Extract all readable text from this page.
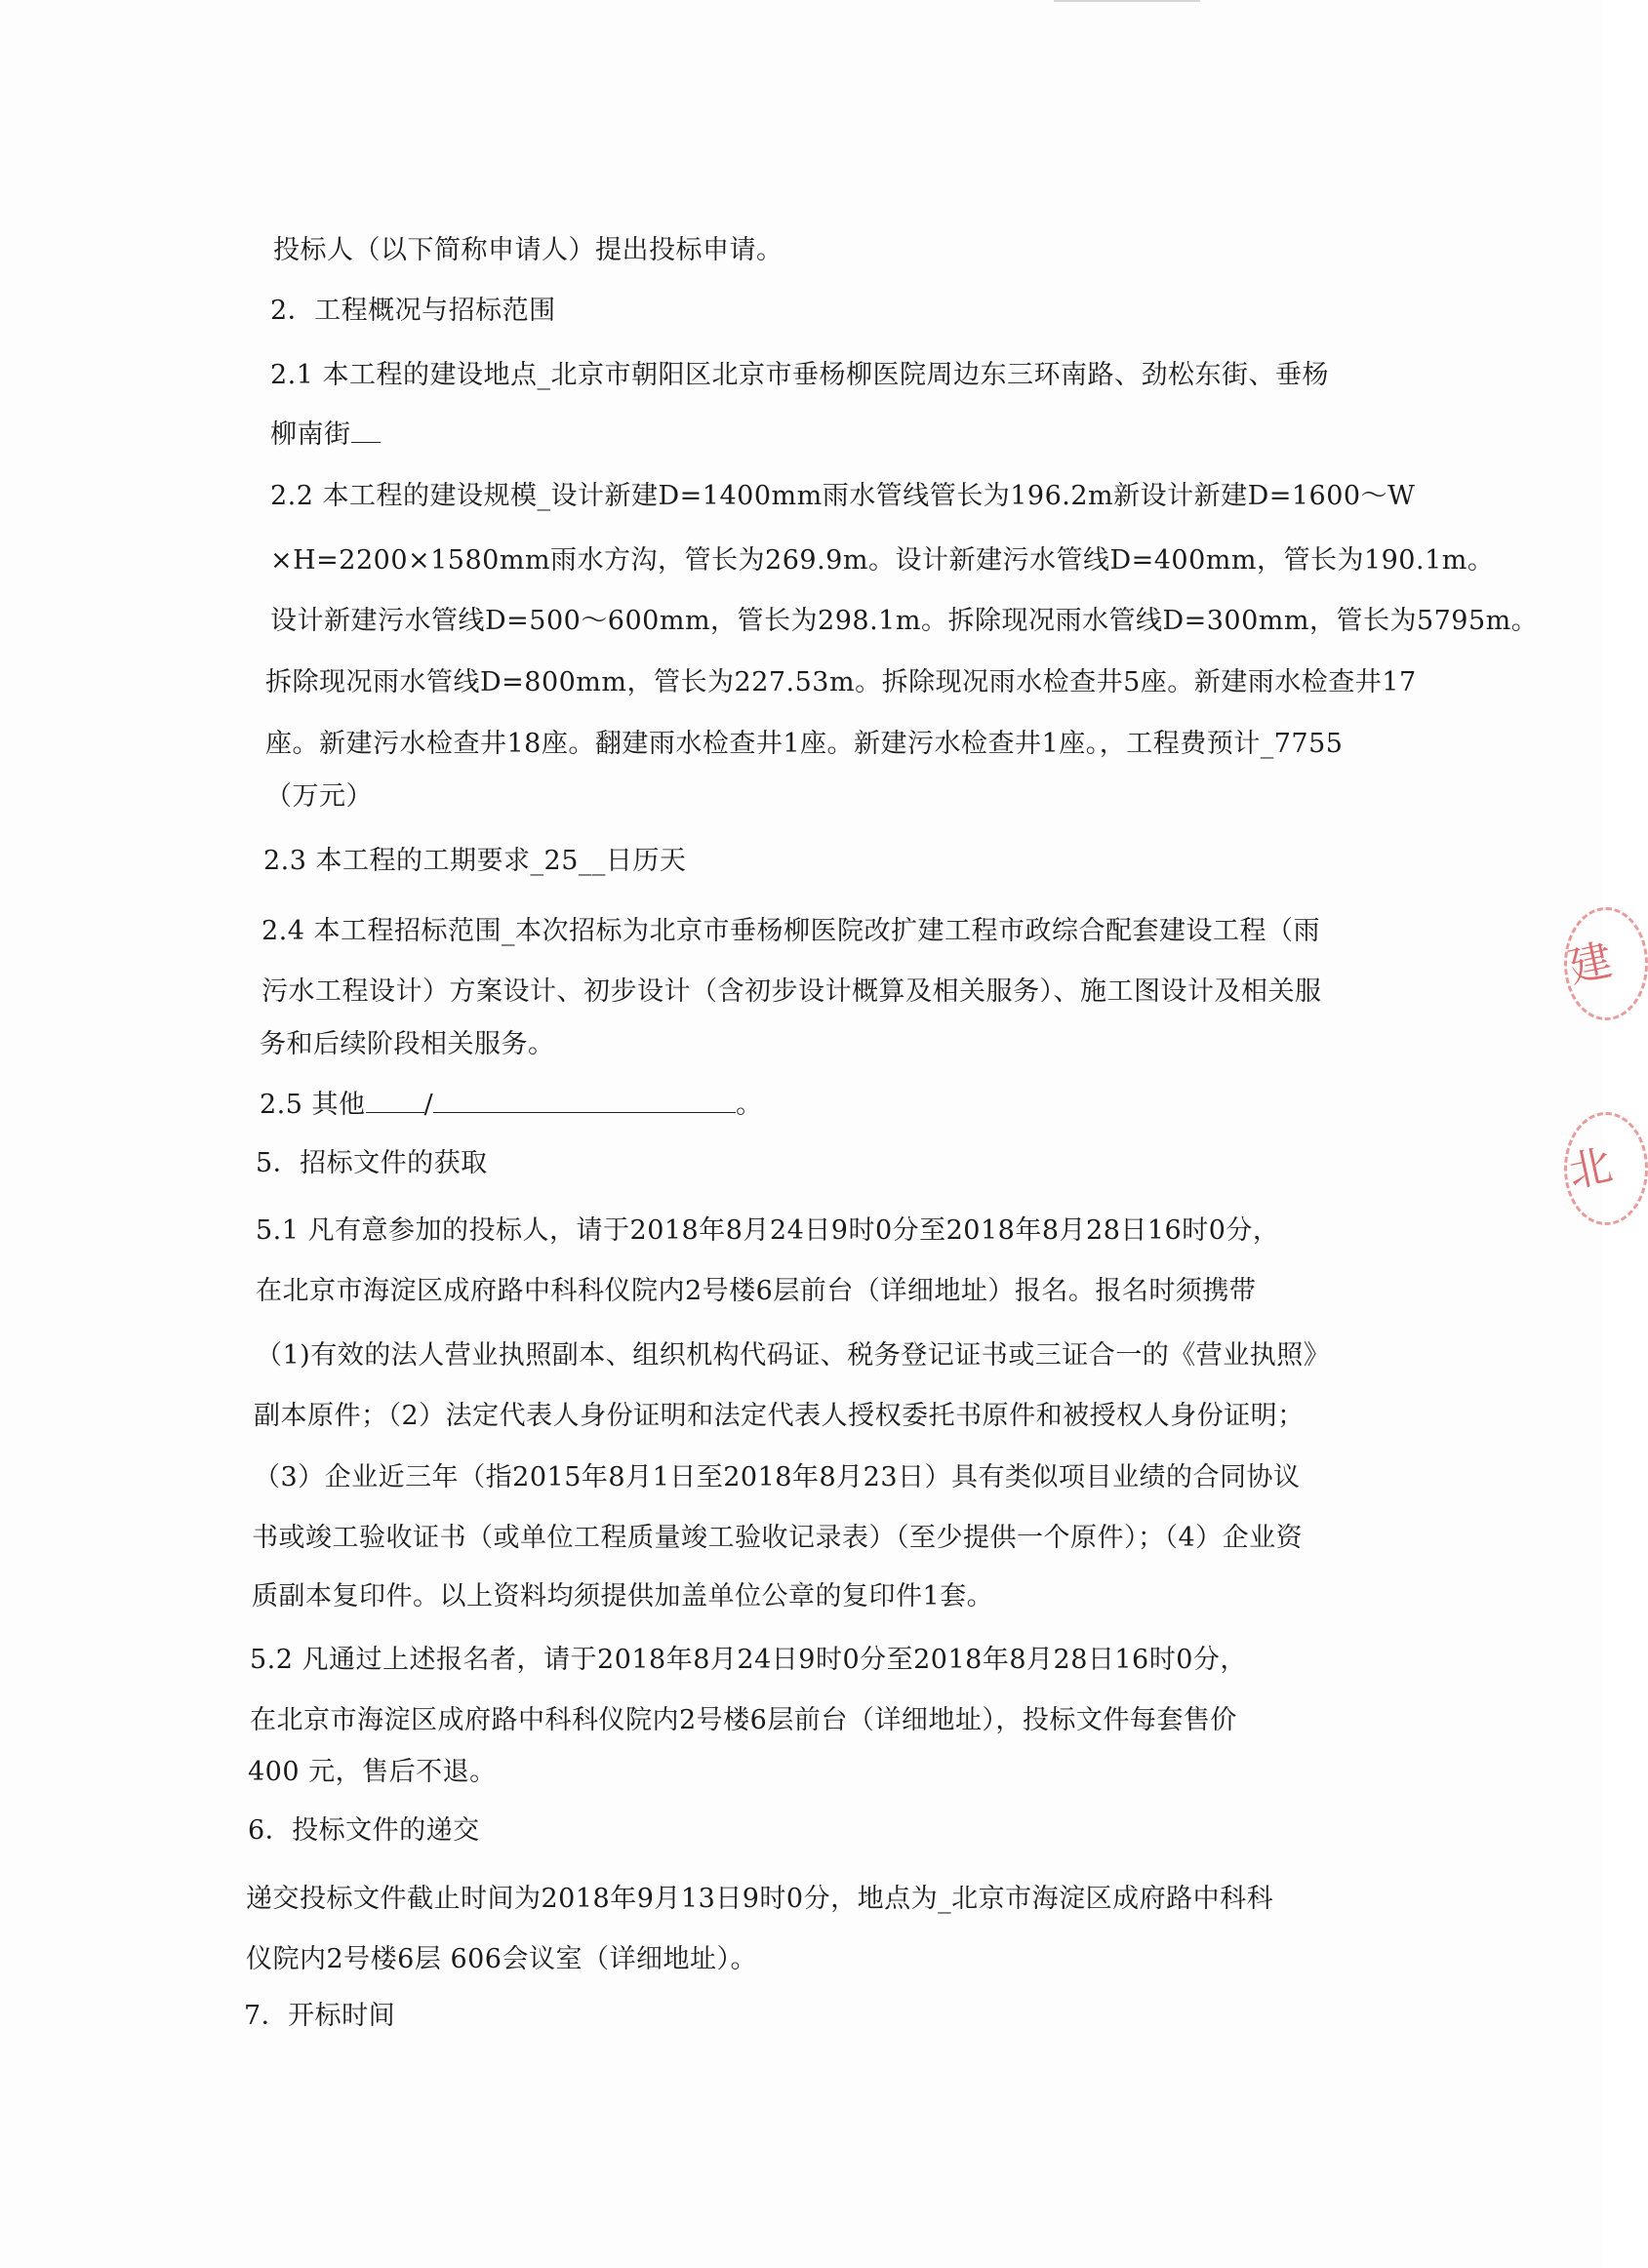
投标人（以下简称申请人）提出投标申请。
2．工程概况与招标范围
2.1 本工程的建设地点_北京市朝阳区北京市垂杨柳医院周边东三环南路、劲松东街、垂杨
柳南街
2.2 本工程的建设规模_设计新建D=1400mm雨水管线管长为196.2m新设计新建D=1600～W
×H=2200×1580mm雨水方沟，管长为269.9m。设计新建污水管线D=400mm，管长为190.1m。
设计新建污水管线D=500～600mm，管长为298.1m。拆除现况雨水管线D=300mm，管长为5795m。
拆除现况雨水管线D=800mm，管长为227.53m。拆除现况雨水检查井5座。新建雨水检查井17
座。新建污水检查井18座。翻建雨水检查井1座。新建污水检查井1座。，工程费预计_7755
（万元）
2.3 本工程的工期要求_25__日历天
2.4 本工程招标范围_本次招标为北京市垂杨柳医院改扩建工程市政综合配套建设工程（雨
污水工程设计）方案设计、初步设计（含初步设计概算及相关服务）、施工图设计及相关服
务和后续阶段相关服务。
2.5 其他 /	。
5．招标文件的获取
5.1 凡有意参加的投标人，请于2018年8月24日9时0分至2018年8月28日16时0分，
在北京市海淀区成府路中科科仪院内2号楼6层前台（详细地址）报名。报名时须携带
（1)有效的法人营业执照副本、组织机构代码证、税务登记证书或三证合一的《营业执照》
副本原件；（2）法定代表人身份证明和法定代表人授权委托书原件和被授权人身份证明；
（3）企业近三年（指2015年8月1日至2018年8月23日）具有类似项目业绩的合同协议
书或竣工验收证书（或单位工程质量竣工验收记录表）（至少提供一个原件）；（4）企业资
质副本复印件。以上资料均须提供加盖单位公章的复印件1套。
5.2 凡通过上述报名者，请于2018年8月24日9时0分至2018年8月28日16时0分，
在北京市海淀区成府路中科科仪院内2号楼6层前台（详细地址），投标文件每套售价
400 元，售后不退。
6．投标文件的递交
递交投标文件截止时间为2018年9月13日9时0分，地点为_北京市海淀区成府路中科科
仪院内2号楼6层 606会议室（详细地址）。
7．开标时间
建
北
